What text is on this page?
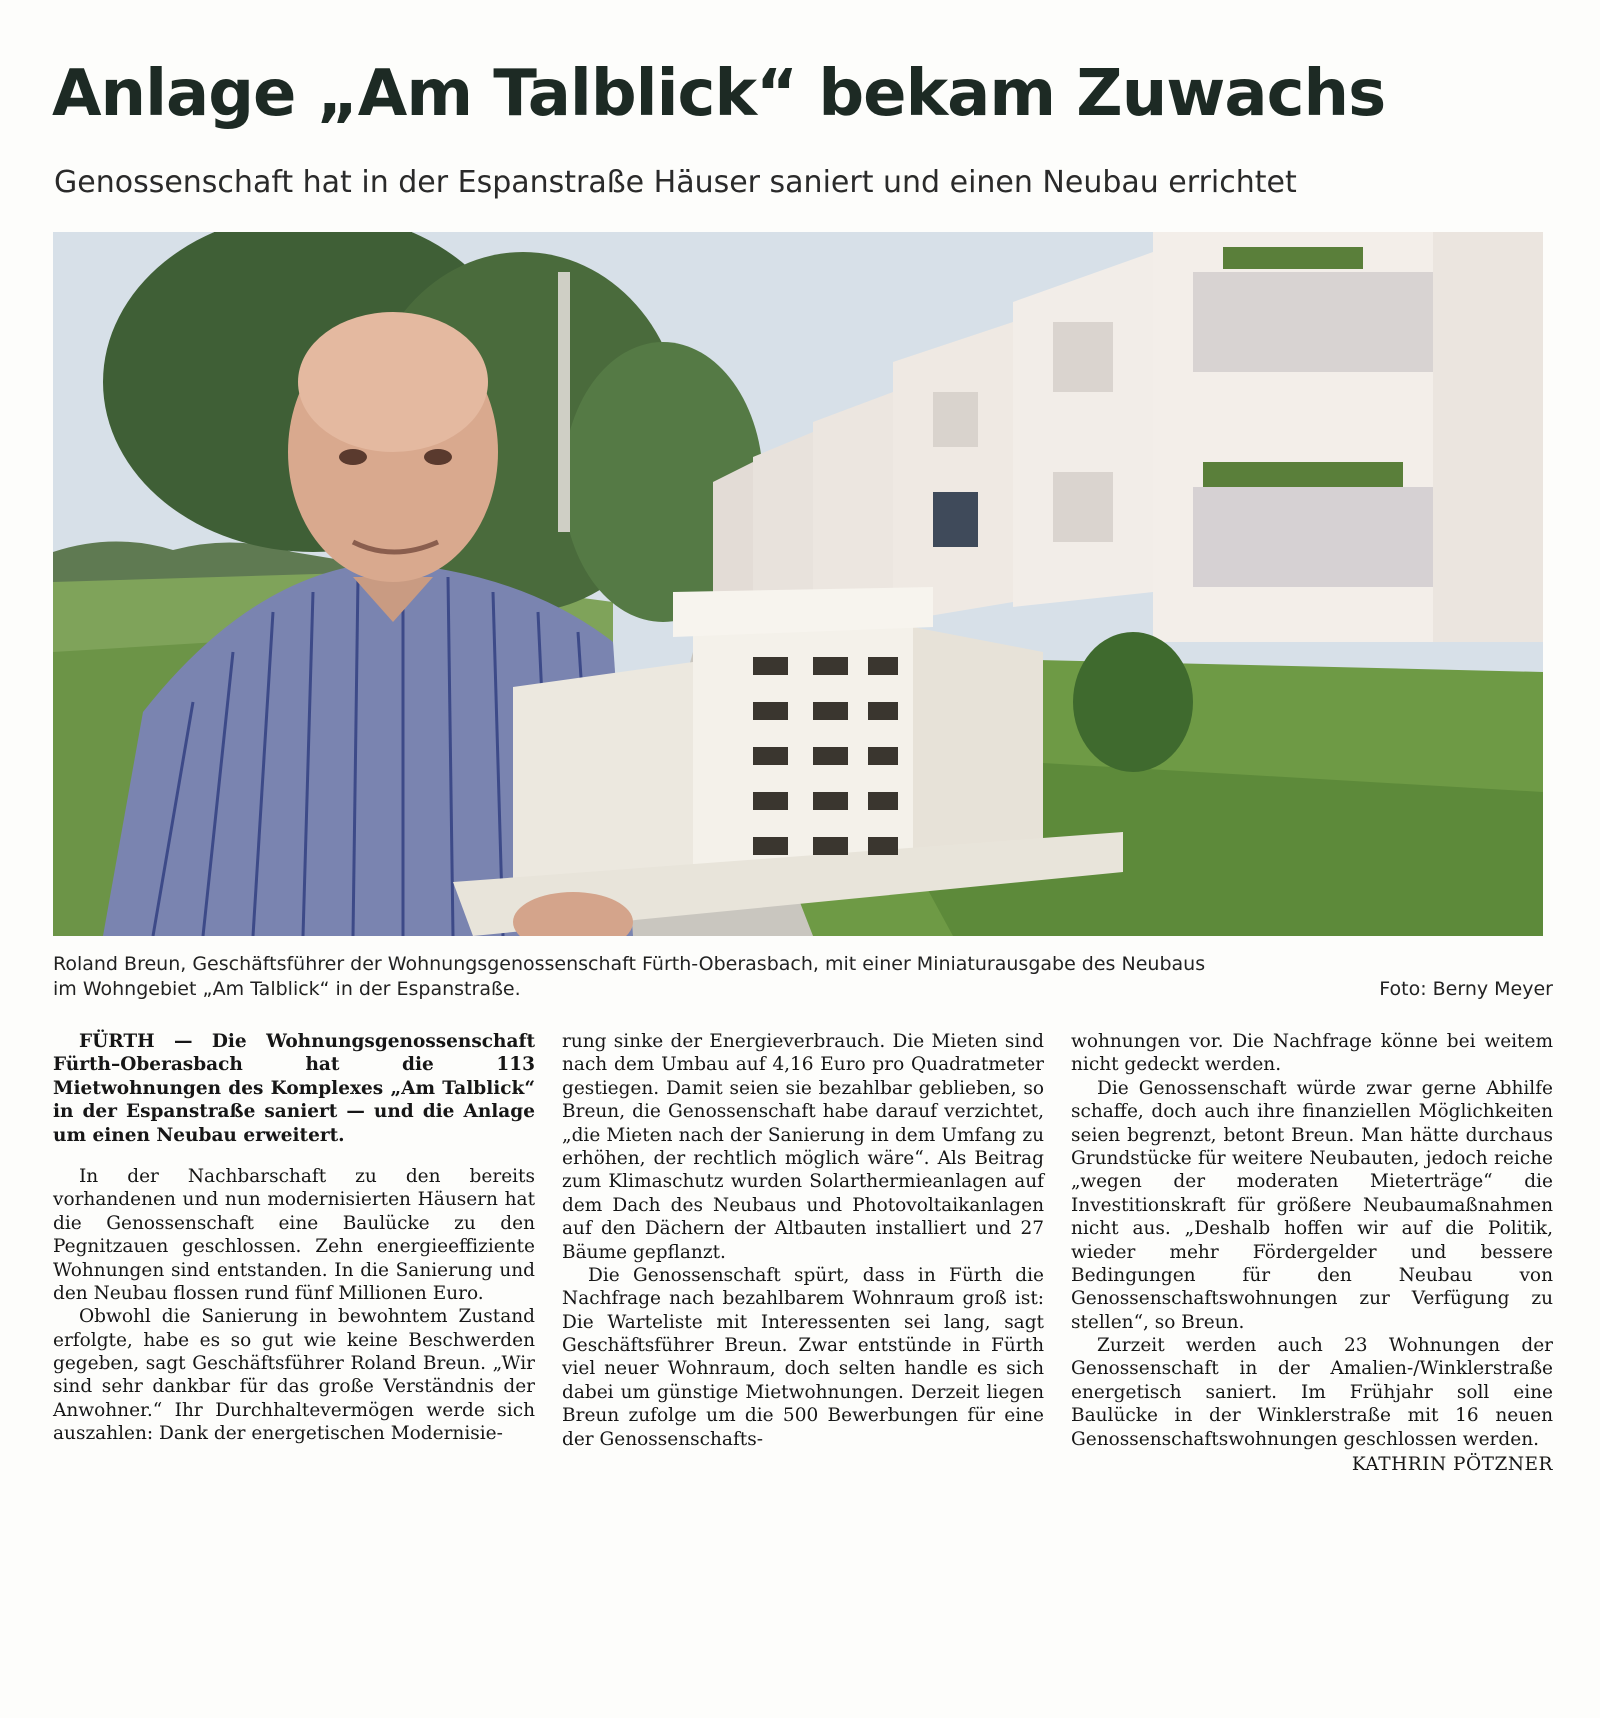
Anlage „Am Talblick“ bekam Zuwachs
Genossenschaft hat in der Espanstraße Häuser saniert und einen Neubau errichtet

Roland Breun, Geschäftsführer der Wohnungsgenossenschaft Fürth-Oberasbach, mit einer Miniaturausgabe des Neubaus

im Wohngebiet „Am Talblick“ in der Espanstraße.	Foto: Berny Meyer

FÜRTH — Die Wohnungsgenossenschaft Fürth–Oberasbach hat die 113 Mietwohnungen des Komplexes „Am Talblick“ in der Espanstraße saniert — und die Anlage um einen Neubau erweitert.

In der Nachbarschaft zu den bereits vorhandenen und nun modernisierten Häusern hat die Genossenschaft eine Baulücke zu den Pegnitzauen geschlossen. Zehn energieeffiziente Wohnungen sind entstanden. In die Sanierung und den Neubau flossen rund fünf Millionen Euro.

Obwohl die Sanierung in bewohntem Zustand erfolgte, habe es so gut wie keine Beschwerden gegeben, sagt Geschäftsführer Roland Breun. „Wir sind sehr dankbar für das große Verständnis der Anwohner.“ Ihr Durchhaltevermögen werde sich auszahlen: Dank der energetischen Modernisie-

rung sinke der Energieverbrauch. Die Mieten sind nach dem Umbau auf 4,16 Euro pro Quadratmeter gestiegen. Damit seien sie bezahlbar geblieben, so Breun, die Genossenschaft habe darauf verzichtet, „die Mieten nach der Sanierung in dem Umfang zu erhöhen, der rechtlich möglich wäre“. Als Beitrag zum Klimaschutz wurden Solarthermieanlagen auf dem Dach des Neubaus und Photovoltaikanlagen auf den Dächern der Altbauten installiert und 27 Bäume gepflanzt.

Die Genossenschaft spürt, dass in Fürth die Nachfrage nach bezahlbarem Wohnraum groß ist: Die Warteliste mit Interessenten sei lang, sagt Geschäftsführer Breun. Zwar entstünde in Fürth viel neuer Wohnraum, doch selten handle es sich dabei um günstige Mietwohnungen. Derzeit liegen Breun zufolge um die 500 Bewerbungen für eine der Genossenschafts-

wohnungen vor. Die Nachfrage könne bei weitem nicht gedeckt werden.

Die Genossenschaft würde zwar gerne Abhilfe schaffe, doch auch ihre finanziellen Möglichkeiten seien begrenzt, betont Breun. Man hätte durchaus Grundstücke für weitere Neubauten, jedoch reiche „wegen der moderaten Mieterträge“ die Investitionskraft für größere Neubaumaßnahmen nicht aus. „Deshalb hoffen wir auf die Politik, wieder mehr Fördergelder und bessere Bedingungen für den Neubau von Genossenschaftswohnungen zur Verfügung zu stellen“, so Breun.

Zurzeit werden auch 23 Wohnungen der Genossenschaft in der Amalien-/Winklerstraße energetisch saniert. Im Frühjahr soll eine Baulücke in der Winklerstraße mit 16 neuen Genossenschaftswohnungen geschlossen werden.

KATHRIN PÖTZNER
